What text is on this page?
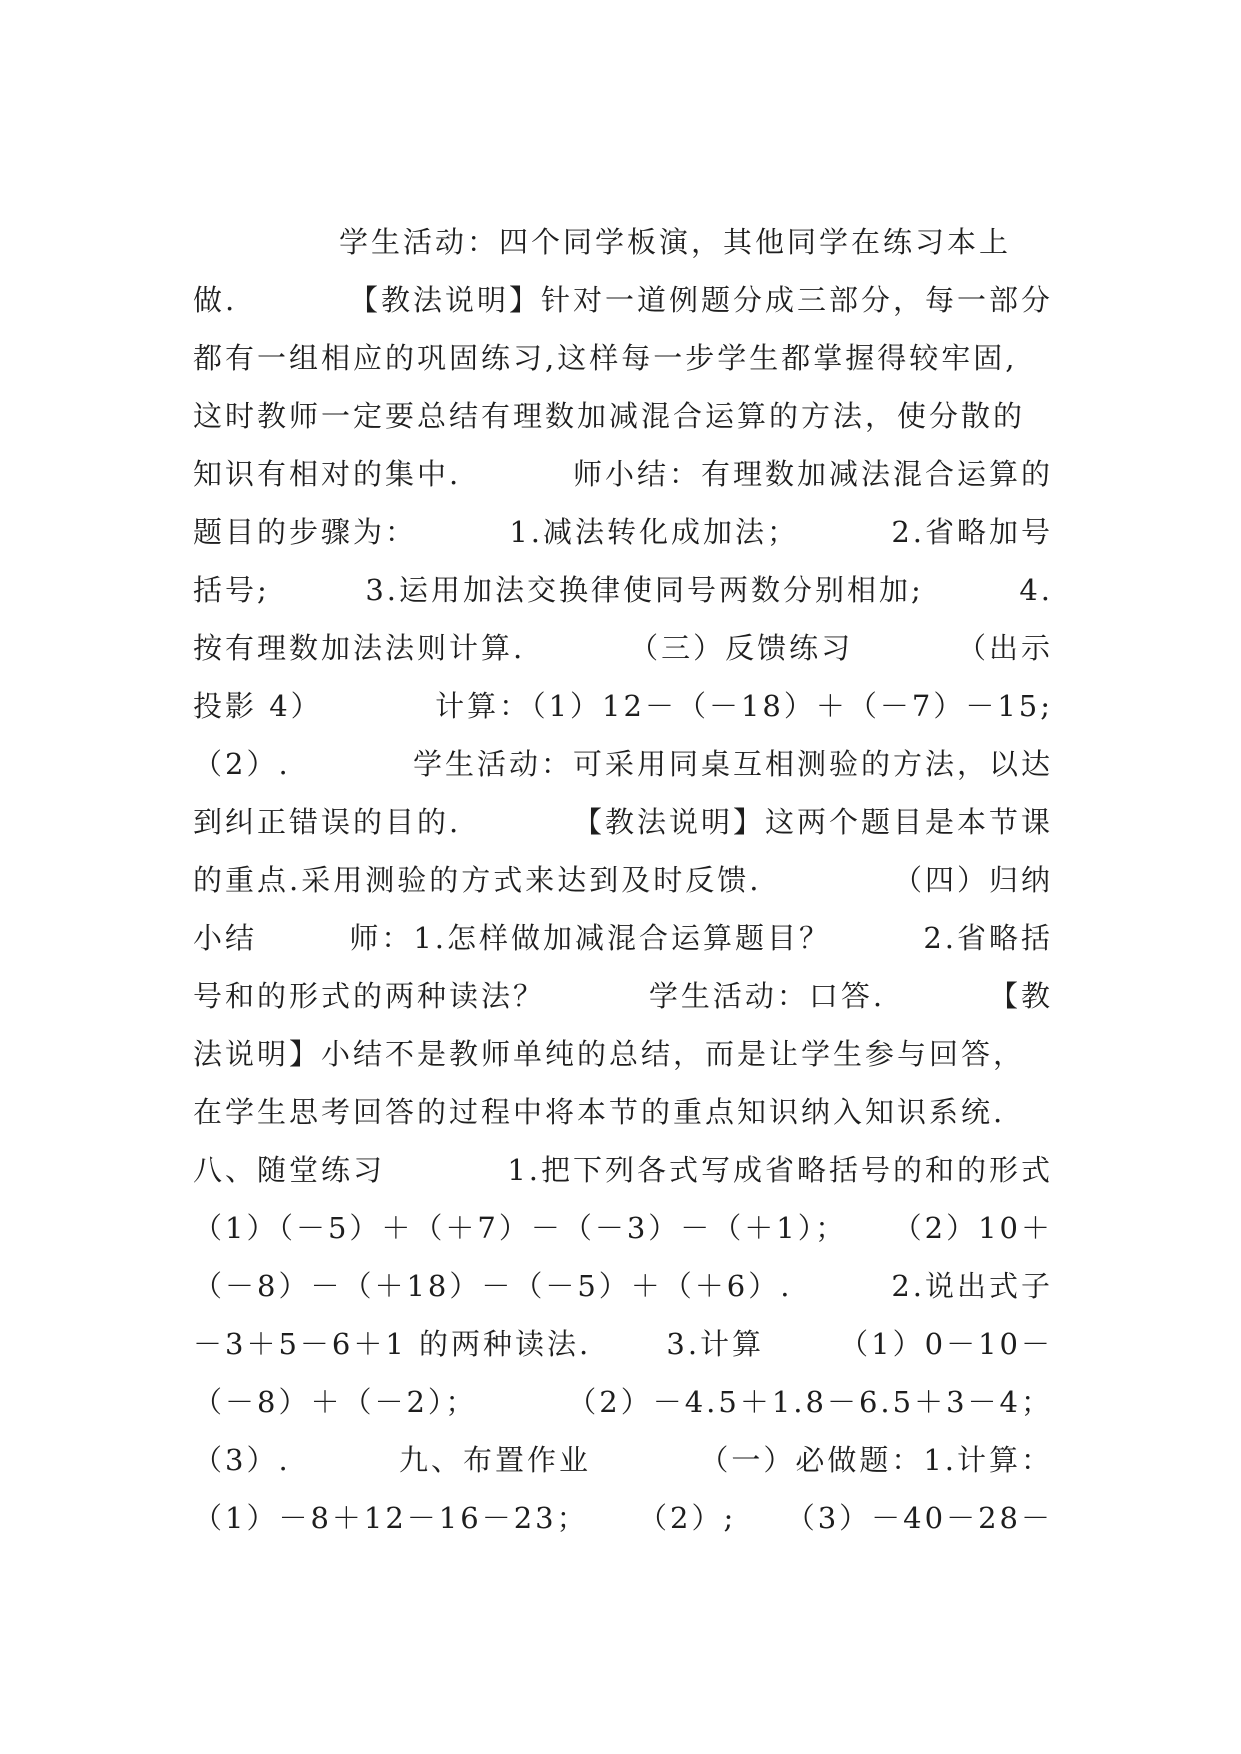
学生活动：四个同学板演，其他同学在练习本上
做.	【教法说明】针对一道例题分成三部分，每一部分
都有一组相应的巩固练习,这样每一步学生都掌握得较牢固,
这时教师一定要总结有理数加减混合运算的方法，使分散的
知识有相对的集中.	师小结：有理数加减法混合运算的
题目的步骤为：	1.减法转化成加法；	2.省略加号
括号;	3.运用加法交换律使同号两数分别相加;	4.
按有理数加法法则计算.	（三）反馈练习	（出示
投影 4）	计算：（1）12－（－18）＋（－7）－15;
（2）.	学生活动：可采用同桌互相测验的方法，以达
到纠正错误的目的.	【教法说明】这两个题目是本节课
的重点.采用测验的方式来达到及时反馈.	（四）归纳
小结	师：1.怎样做加减混合运算题目？	2.省略括
号和的形式的两种读法？	学生活动：口答.	【教
法说明】小结不是教师单纯的总结，而是让学生参与回答，
在学生思考回答的过程中将本节的重点知识纳入知识系统.
八、随堂练习	1.把下列各式写成省略括号的和的形式
（1）（－5）＋（＋7）－（－3）－（＋1）； （2）10＋
（－8）－（＋18）－（－5）＋（＋6）.	2.说出式子
－3＋5－6＋1 的两种读法.	3.计算	（1）0－10－
（－8）＋（－2）；	（2）－4.5＋1.8－6.5＋3－4；
（3）.	九、布置作业	（一）必做题：1.计算：
（1）－8＋12－16－23； （2）; （3）－40－28－
